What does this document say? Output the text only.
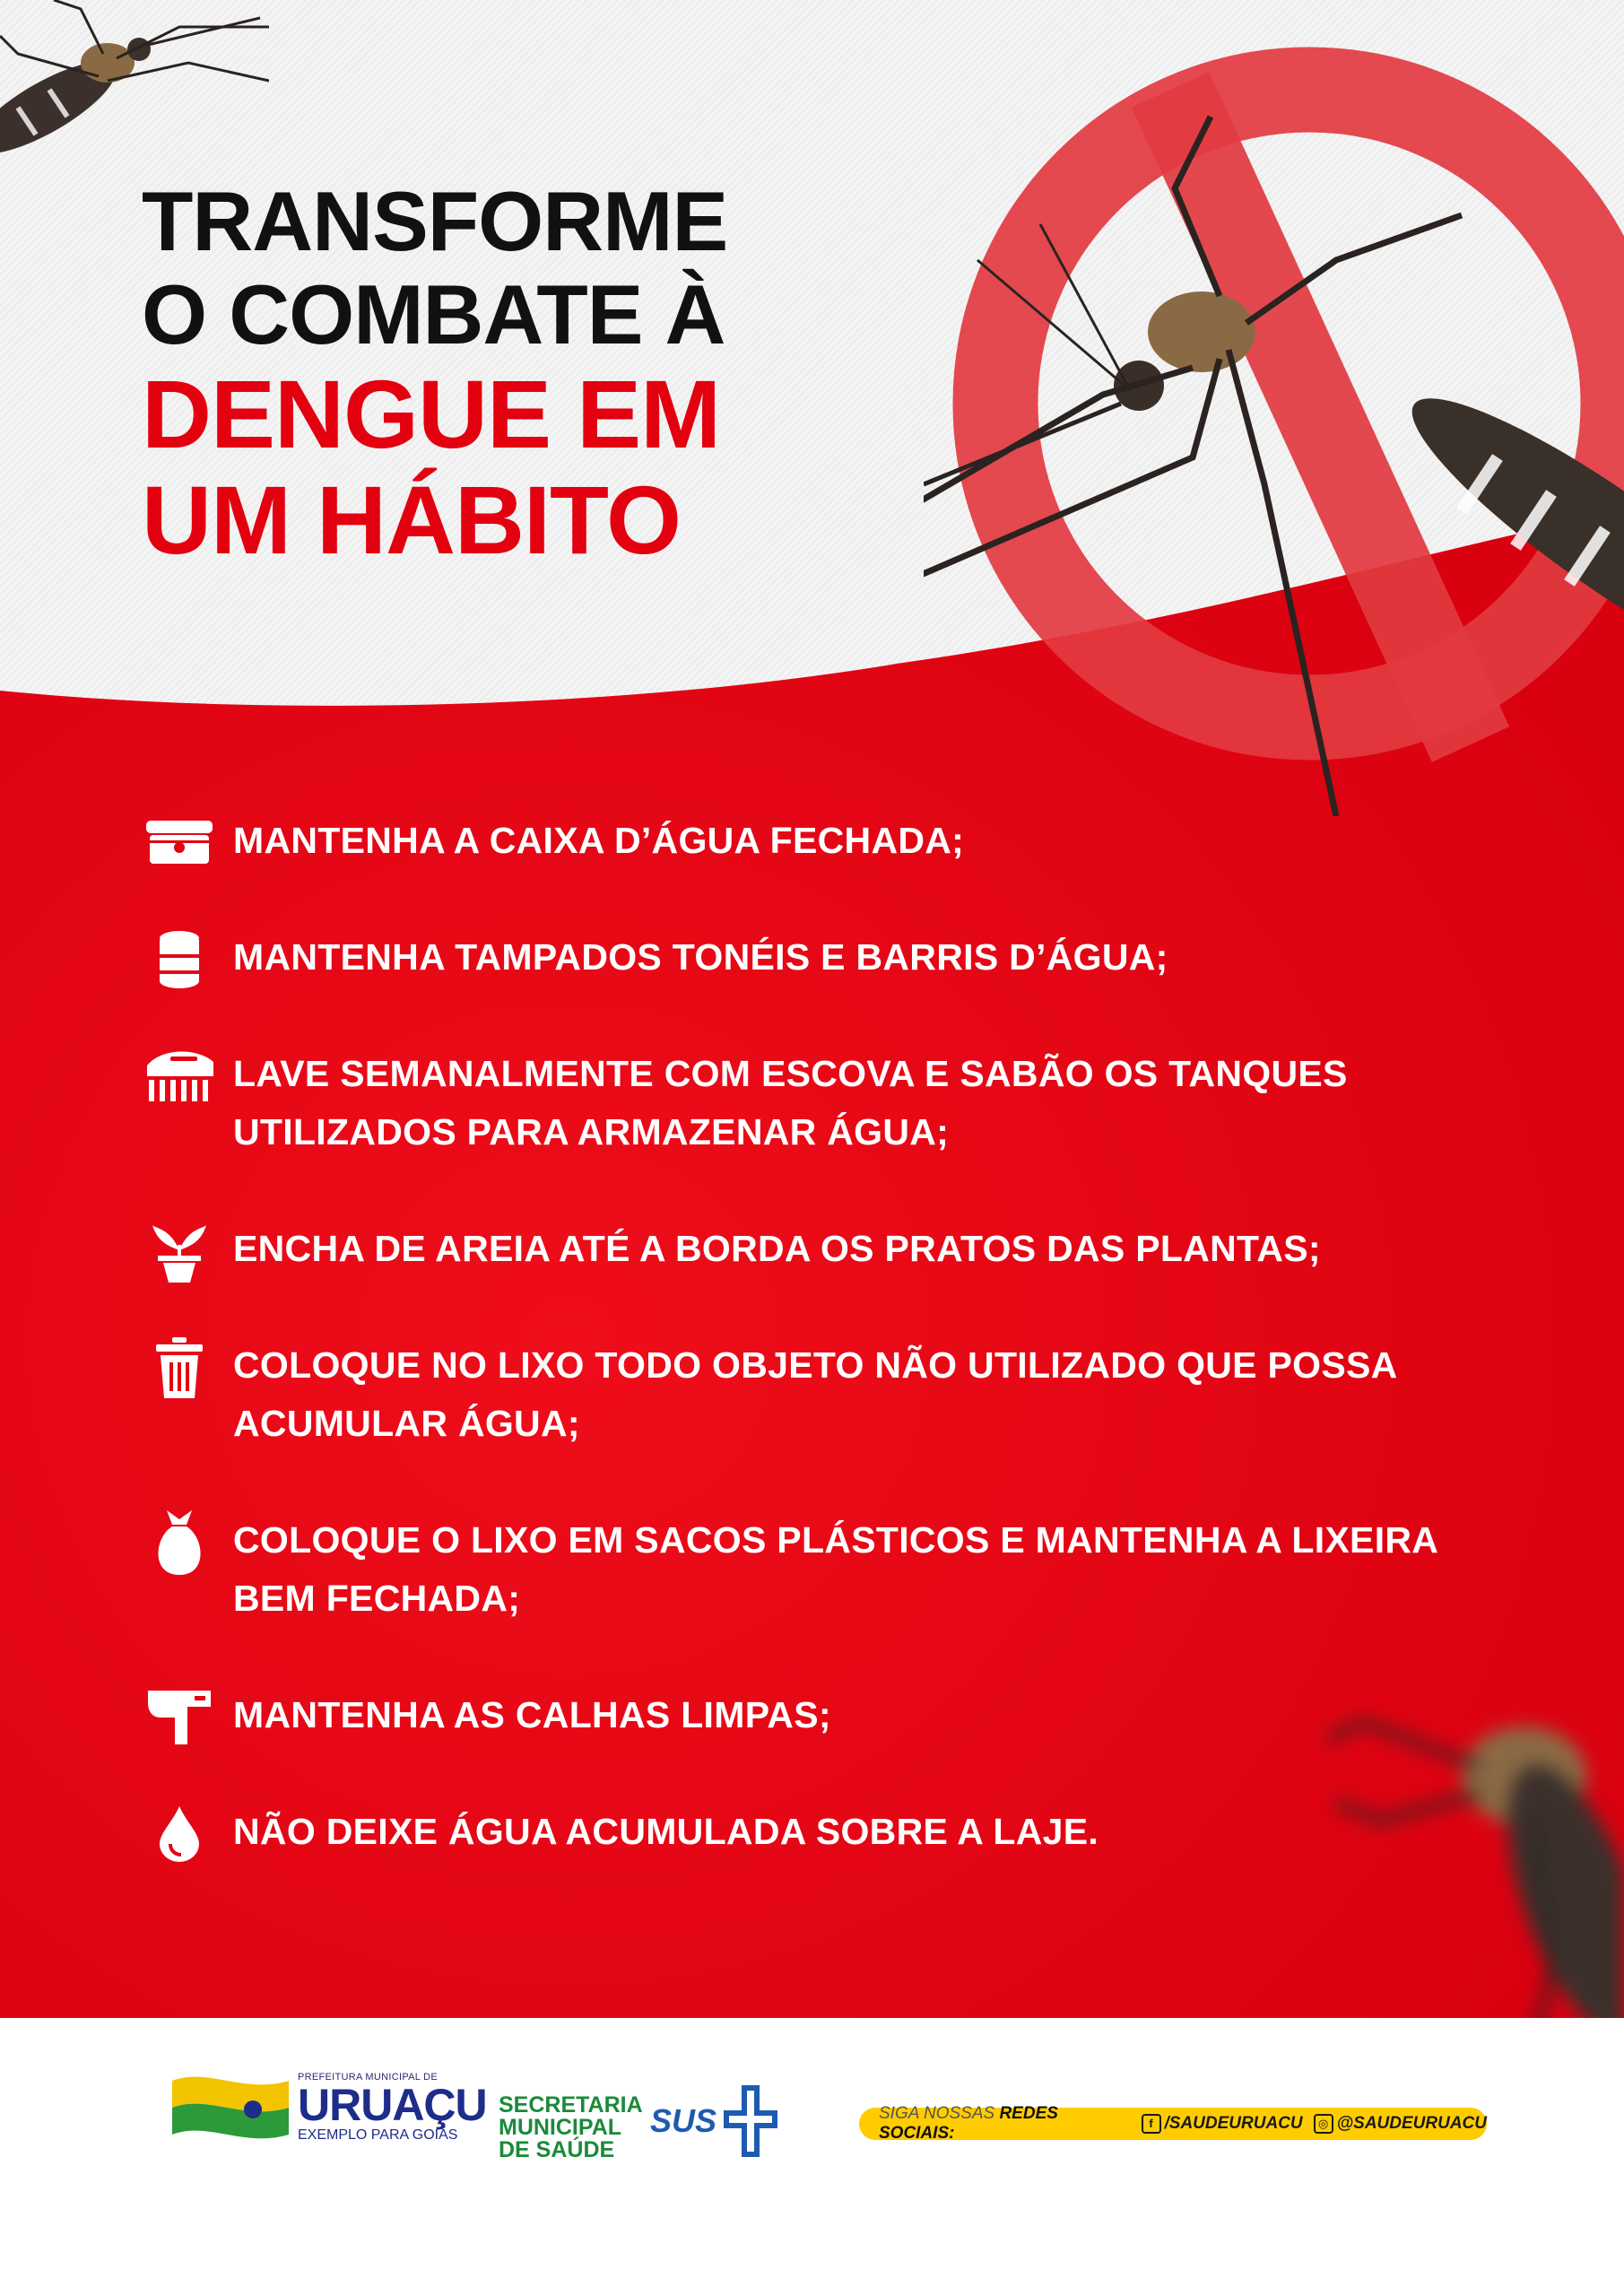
TRANSFORME
O COMBATE À
DENGUE EM
UM HÁBITO
MANTENHA A CAIXA D’ÁGUA FECHADA;
MANTENHA TAMPADOS TONÉIS E BARRIS D’ÁGUA;
LAVE SEMANALMENTE COM ESCOVA E SABÃO OS TANQUES UTILIZADOS PARA ARMAZENAR ÁGUA;
ENCHA DE AREIA ATÉ A BORDA OS PRATOS DAS PLANTAS;
COLOQUE NO LIXO TODO OBJETO NÃO UTILIZADO QUE POSSA ACUMULAR ÁGUA;
COLOQUE O LIXO EM SACOS PLÁSTICOS E MANTENHA A LIXEIRA BEM FECHADA;
MANTENHA AS CALHAS LIMPAS;
NÃO DEIXE ÁGUA ACUMULADA SOBRE A LAJE.
PREFEITURA MUNICIPAL DE
URUAÇU
EXEMPLO PARA GOIÁS
SECRETARIA
MUNICIPAL
DE SAÚDE
SUS	SIGA NOSSAS REDES SOCIAIS:
f /SAUDEURUACU	◎ @SAUDEURUACU
